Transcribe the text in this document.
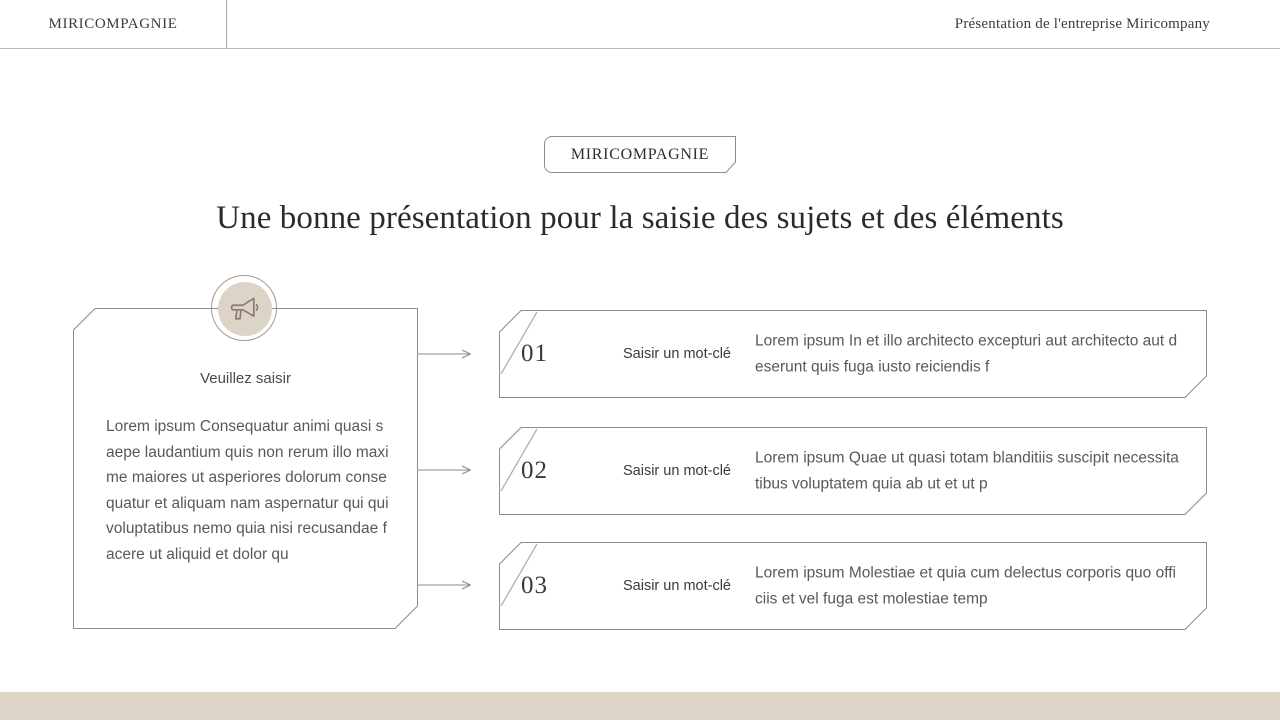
MIRICOMPAGNIE	Présentation de l'entreprise Miricompany
MIRICOMPAGNIE
Une bonne présentation pour la saisie des sujets et des éléments
Veuillez saisir
Lorem ipsum Consequatur animi quasi saepe laudantium quis non rerum illo maxime maiores ut asperiores dolorum consequatur et aliquam nam aspernatur qui qui voluptatibus nemo quia nisi recusandae facere ut aliquid et dolor qu
01	Saisir un mot-clé
Lorem ipsum In et illo architecto excepturi aut architecto aut deserunt quis fuga iusto reiciendis f
02	Saisir un mot-clé
Lorem ipsum Quae ut quasi totam blanditiis suscipit necessitatibus voluptatem quia ab ut et ut p
03	Saisir un mot-clé
Lorem ipsum Molestiae et quia cum delectus corporis quo officiis et vel fuga est molestiae temp
